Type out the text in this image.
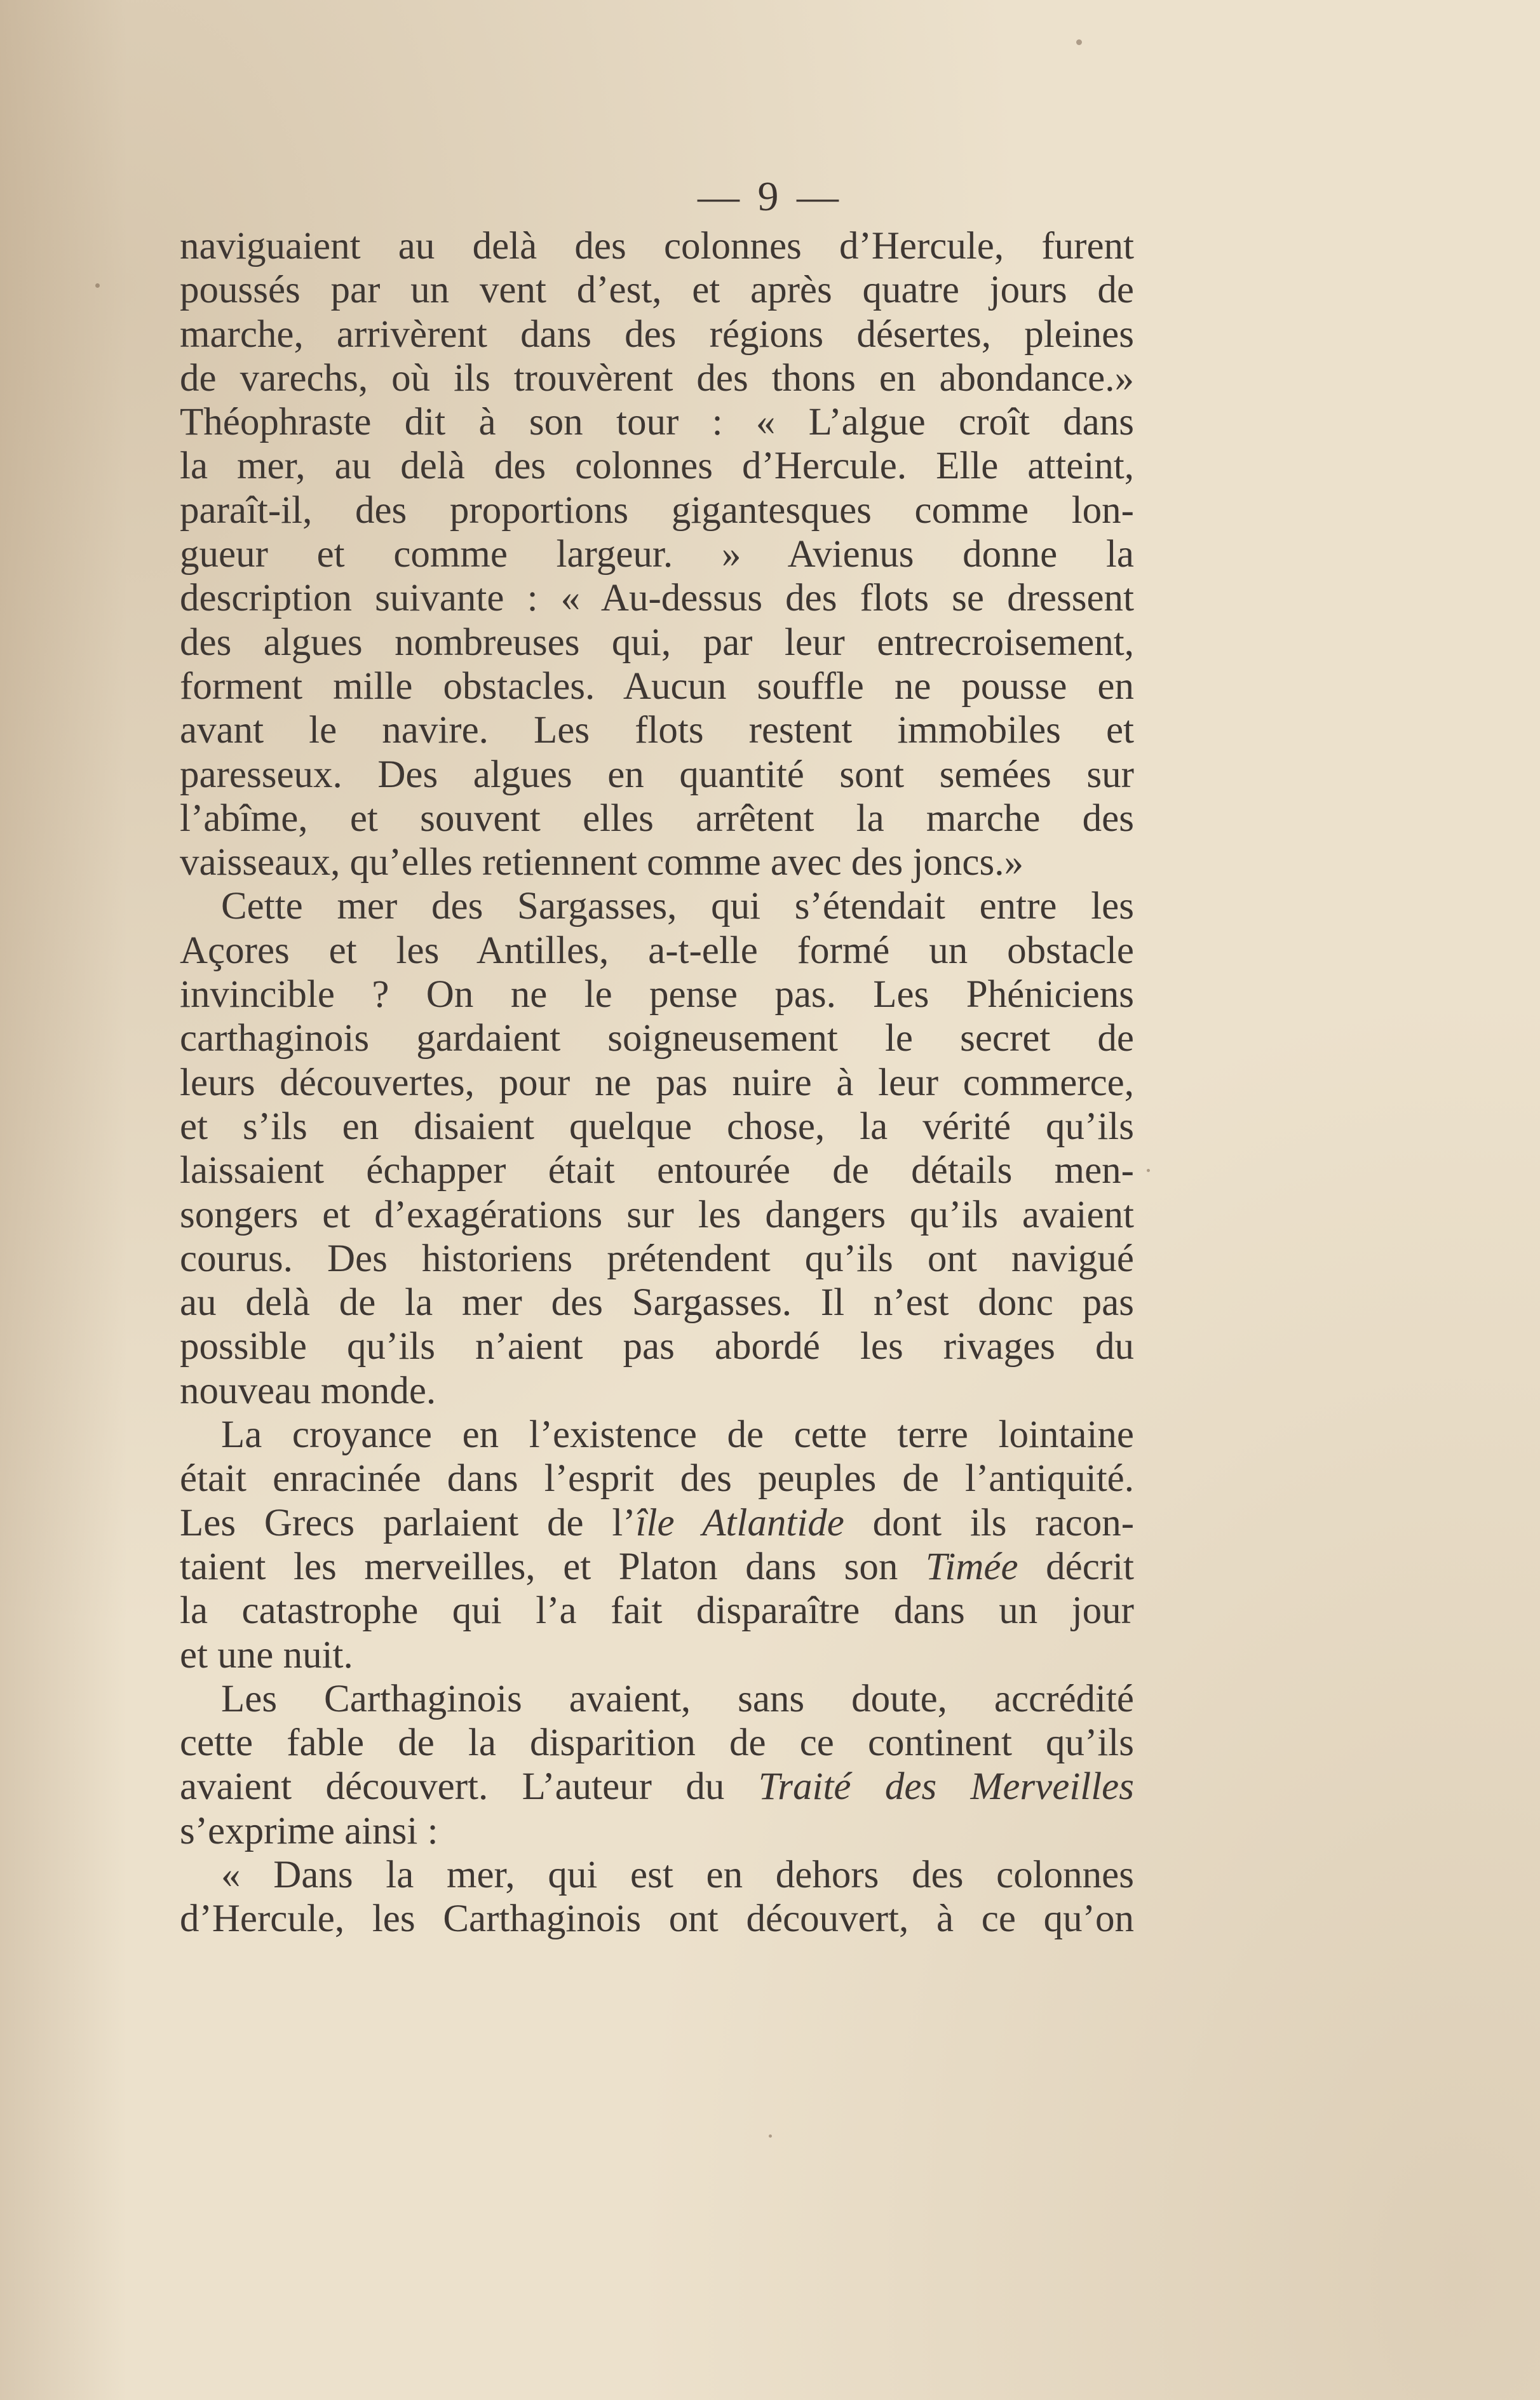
— 9 —
naviguaient au delà des colonnes d’Hercule, furent
poussés par un vent d’est, et après quatre jours de
marche, arrivèrent dans des régions désertes, pleines
de varechs, où ils trouvèrent des thons en abondance.»
Théophraste dit à son tour : « L’algue croît dans
la mer, au delà des colonnes d’Hercule. Elle atteint,
paraît-il, des proportions gigantesques comme lon-
gueur et comme largeur. » Avienus donne la
description suivante : « Au-dessus des flots se dressent
des algues nombreuses qui, par leur entrecroisement,
forment mille obstacles. Aucun souffle ne pousse en
avant le navire. Les flots restent immobiles et
paresseux. Des algues en quantité sont semées sur
l’abîme, et souvent elles arrêtent la marche des
vaisseaux, qu’elles retiennent comme avec des joncs.»
Cette mer des Sargasses, qui s’étendait entre les
Açores et les Antilles, a-t-elle formé un obstacle
invincible ? On ne le pense pas. Les Phéniciens
carthaginois gardaient soigneusement le secret de
leurs découvertes, pour ne pas nuire à leur commerce,
et s’ils en disaient quelque chose, la vérité qu’ils
laissaient échapper était entourée de détails men-
songers et d’exagérations sur les dangers qu’ils avaient
courus. Des historiens prétendent qu’ils ont navigué
au delà de la mer des Sargasses. Il n’est donc pas
possible qu’ils n’aient pas abordé les rivages du
nouveau monde.
La croyance en l’existence de cette terre lointaine
était enracinée dans l’esprit des peuples de l’antiquité.
Les Grecs parlaient de l’île Atlantide dont ils racon-
taient les merveilles, et Platon dans son Timée décrit
la catastrophe qui l’a fait disparaître dans un jour
et une nuit.
Les Carthaginois avaient, sans doute, accrédité
cette fable de la disparition de ce continent qu’ils
avaient découvert. L’auteur du Traité des Merveilles
s’exprime ainsi :
« Dans la mer, qui est en dehors des colonnes
d’Hercule, les Carthaginois ont découvert, à ce qu’on
